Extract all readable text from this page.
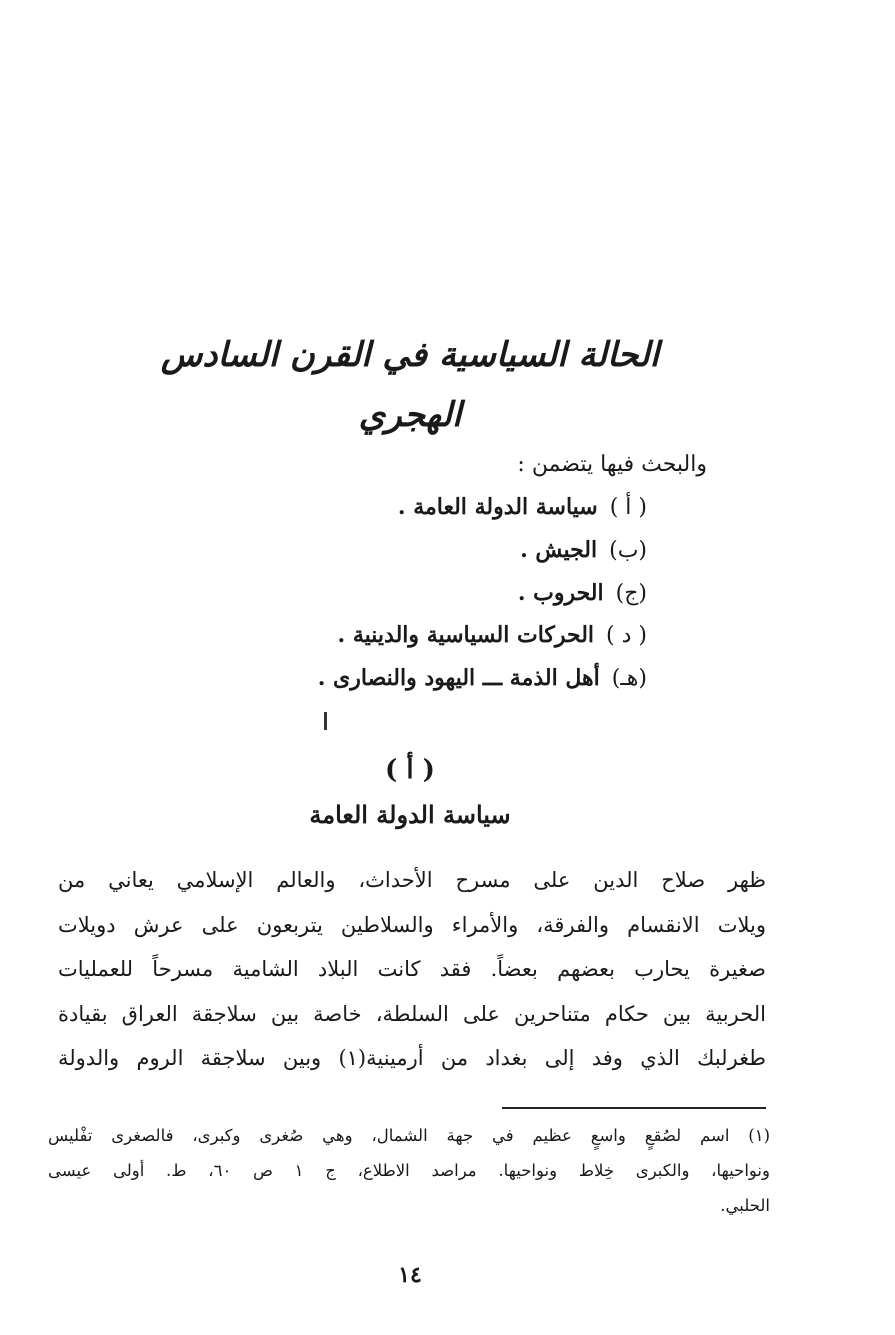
الحالة السياسية في القرن السادس الهجري
والبحث فيها يتضمن :
( أ )سياسة الدولة العامة .
(ب)الجيش .
(ج)الحروب .
( د )الحركات السياسية والدينية .
(هـ)أهل الذمة ـــ اليهود والنصارى .
( أ )
سياسة الدولة العامة
ظهر صلاح الدين على مسرح الأحداث، والعالم الإسلامي يعاني من
ويلات الانقسام والفرقة، والأمراء والسلاطين يتربعون على عرش دويلات
صغيرة يحارب بعضهم بعضاً. فقد كانت البلاد الشامية مسرحاً للعمليات
الحربية بين حكام متناحرين على السلطة، خاصة بين سلاجقة العراق بقيادة
طغرلبك الذي وفد إلى بغداد من أرمينية(١) وبين سلاجقة الروم والدولة
(١) اسم لصُقعٍ واسعٍ عظيم في جهة الشمال، وهي صُغرى وكبرى، فالصغرى تفْليس
ونواحيها، والكبرى خِلاط ونواحيها. مراصد الاطلاع، ج ١ ص ٦٠، ط. أولى عيسى
الحلبي.
١٤
